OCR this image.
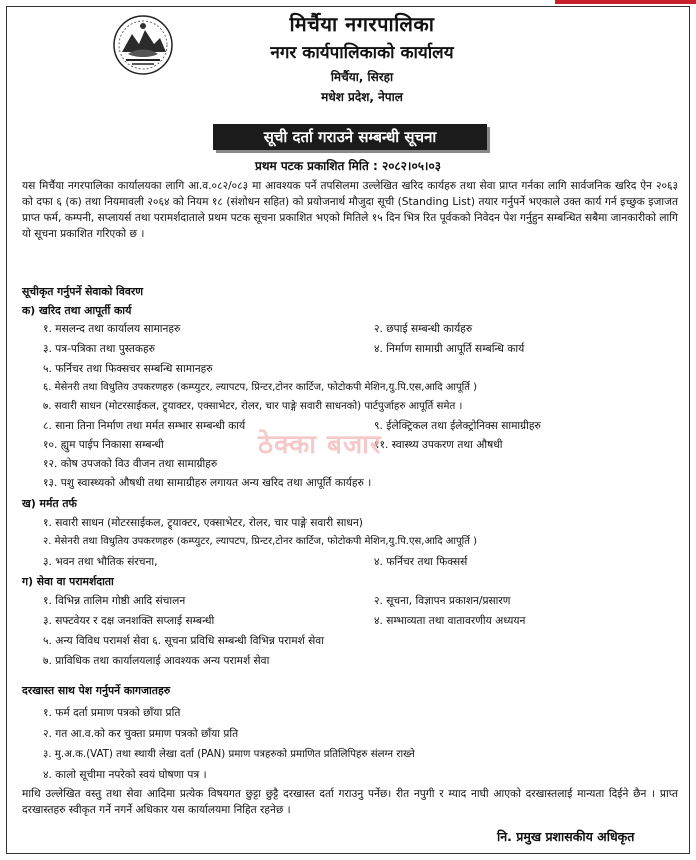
मिर्चैया नगरपालिका
नगर कार्यपालिकाको कार्यालय
मिर्चैया, सिरहा
मधेश प्रदेश, नेपाल
सूची दर्ता गराउने सम्बन्धी सूचना
प्रथम पटक प्रकाशित मिति : २०८२।०५।०३
यस मिर्चैया नगरपालिका कार्यालयका लागि आ.व.०८२/०८३ मा आवश्यक पर्ने तपसिलमा उल्लेखित खरिद कार्यहरु तथा सेवा प्राप्त गर्नका लागि सार्वजनिक खरिद ऐन २०६३ को दफा ६ (क) तथा नियमावली २०६४ को नियम १८ (संशोधन सहित) को प्रयोजनार्थ मौजुदा सूची (Standing List) तयार गर्नुपर्ने भएकाले उक्त कार्य गर्न इच्छुक इजाजत प्राप्त फर्म, कम्पनी, सप्लायर्स तथा परामर्शदाताले प्रथम पटक सूचना प्रकाशित भएको मितिले १५ दिन भित्र रित पूर्वकको निवेदन पेश गर्नुहुन सम्बन्धित सबैमा जानकारीको लागि यो सूचना प्रकाशित गरिएको छ ।
सूचीकृत गर्नुपर्ने सेवाको विवरण
क) खरिद तथा आपूर्ती कार्य
१. मसलन्द तथा कार्यालय सामानहरु	२. छपाई सम्बन्धी कार्यहरु
३. पत्र-पत्रिका तथा पुस्तकहरु	४. निर्माण सामाग्री आपूर्ति सम्बन्धि कार्य
५. फर्निचर तथा फिक्सचर सम्बन्धि सामानहरु
६. मेसेनरी तथा विधुतिय उपकरणहरु (कम्प्युटर, ल्यापटप, प्रिन्टर,टोनर कार्टिज, फोटोकपी मेशिन,यु.पि.एस,आदि आपूर्ति )
७. सवारी साधन (मोटरसाईकल, ट्र्याक्टर, एक्साभेटर, रोलर, चार पाङ्गे सवारी साधनको) पार्टपुर्जाहरु आपूर्ति समेत ।
८. साना तिना निर्माण तथा मर्मत सम्भार सम्बन्धी कार्य	९. ईलेक्ट्रिकल तथा ईलेक्ट्रोनिक्स सामाग्रीहरु
१०. ह्युम पाईप निकासा सम्बन्धी	११. स्वास्थ्य उपकरण तथा औषधी
१२. कोष उपजको विउ वीजन तथा सामाग्रीहरु
१३. पशु स्वास्थ्यको औषधी तथा सामाग्रीहरु लगायत अन्य खरिद तथा आपूर्ति कार्यहरु ।
ठेक्का बजार
ख) मर्मत तर्फ
१. सवारी साधन (मोटरसाईकल, ट्र्याक्टर, एक्साभेटर, रोलर, चार पाङ्गे सवारी साधन)
२. मेसेनरी तथा विधुतिय उपकरणहरु (कम्प्युटर, ल्यापटप, प्रिन्टर,टोनर कार्टिज, फोटोकपी मेशिन,यु.पि.एस,आदि आपूर्ति )
३. भवन तथा भौतिक संरचना,	४. फर्निचर तथा फिक्सर्स
ग) सेवा वा परामर्शदाता
१. विभिन्न तालिम गोष्ठी आदि संचालन	२. सूचना, विज्ञापन प्रकाशन/प्रसारण
३. सफ्टवेयर र दक्ष जनशक्ति सप्लाई सम्बन्धी	४. सम्भाव्यता तथा वातावरणीय अध्ययन
५. अन्य विविध परामर्श सेवा ६. सूचना प्रविधि सम्बन्धी विभिन्न परामर्श सेवा
७. प्राविधिक तथा कार्यालयलाई आवश्यक अन्य परामर्श सेवा
दरखास्त साथ पेश गर्नुपर्ने कागजातहरु
१. फर्म दर्ता प्रमाण पत्रको छाँया प्रति
२. गत आ.व.को कर चुक्ता प्रमाण पत्रको छाँया प्रति
३. मु.अ.क.(VAT) तथा स्थायी लेखा दर्ता (PAN) प्रमाण पत्रहरुको प्रमाणित प्रतिलिपिहरु संलग्न राख्ने
४. कालो सूचीमा नपरेको स्वयं घोषणा पत्र ।
माथि उल्लेखित वस्तु तथा सेवा आदिमा प्रत्येक विषयगत छुट्टा छुट्टै दरखास्त दर्ता गराउनु पर्नेछ। रीत नपुगी र म्याद नाघी आएको दरखास्तलाई मान्यता दिईने छैन । प्राप्त दरखास्तहरु स्वीकृत गर्ने नगर्ने अधिकार यस कार्यालयमा निहित रहनेछ ।
नि. प्रमुख प्रशासकीय अधिकृत
